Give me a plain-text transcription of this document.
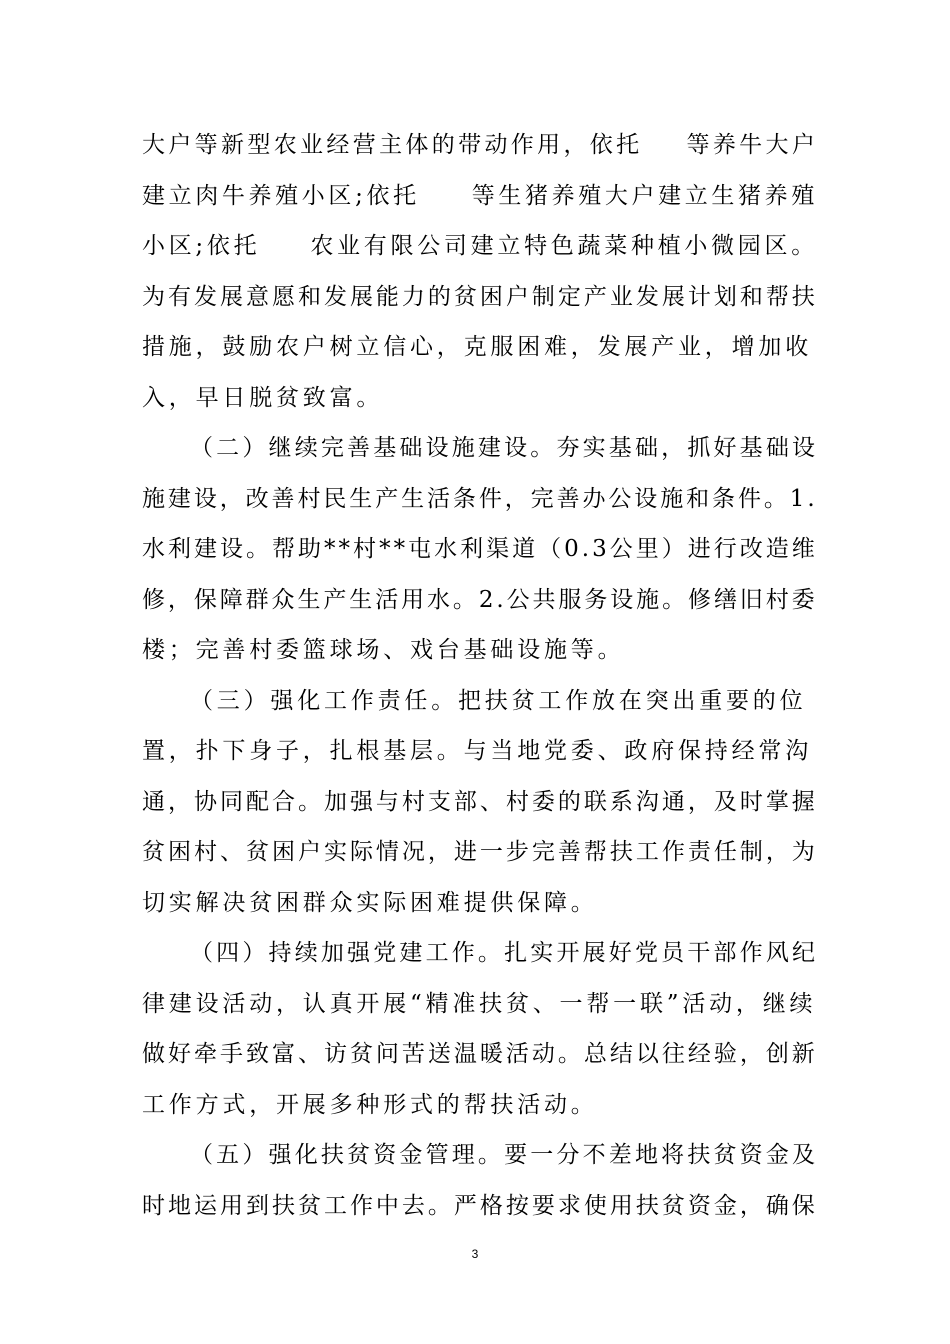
大户等新型农业经营主体的带动作用，依托 等养牛大户
建立肉牛养殖小区;依托 等生猪养殖大户建立生猪养殖
小区;依托 农业有限公司建立特色蔬菜种植小微园区。
为有发展意愿和发展能力的贫困户制定产业发展计划和帮扶
措施，鼓励农户树立信心，克服困难，发展产业，增加收
入，早日脱贫致富。
（二）继续完善基础设施建设。夯实基础，抓好基础设
施建设，改善村民生产生活条件，完善办公设施和条件。1.
水利建设。帮助**村**屯水利渠道（0.3公里）进行改造维
修，保障群众生产生活用水。2.公共服务设施。修缮旧村委
楼；完善村委篮球场、戏台基础设施等。
（三）强化工作责任。把扶贫工作放在突出重要的位
置，扑下身子，扎根基层。与当地党委、政府保持经常沟
通，协同配合。加强与村支部、村委的联系沟通，及时掌握
贫困村、贫困户实际情况，进一步完善帮扶工作责任制，为
切实解决贫困群众实际困难提供保障。
（四）持续加强党建工作。扎实开展好党员干部作风纪
律建设活动，认真开展“精准扶贫、一帮一联”活动，继续
做好牵手致富、访贫问苦送温暖活动。总结以往经验，创新
工作方式，开展多种形式的帮扶活动。
（五）强化扶贫资金管理。要一分不差地将扶贫资金及
时地运用到扶贫工作中去。严格按要求使用扶贫资金，确保
3
